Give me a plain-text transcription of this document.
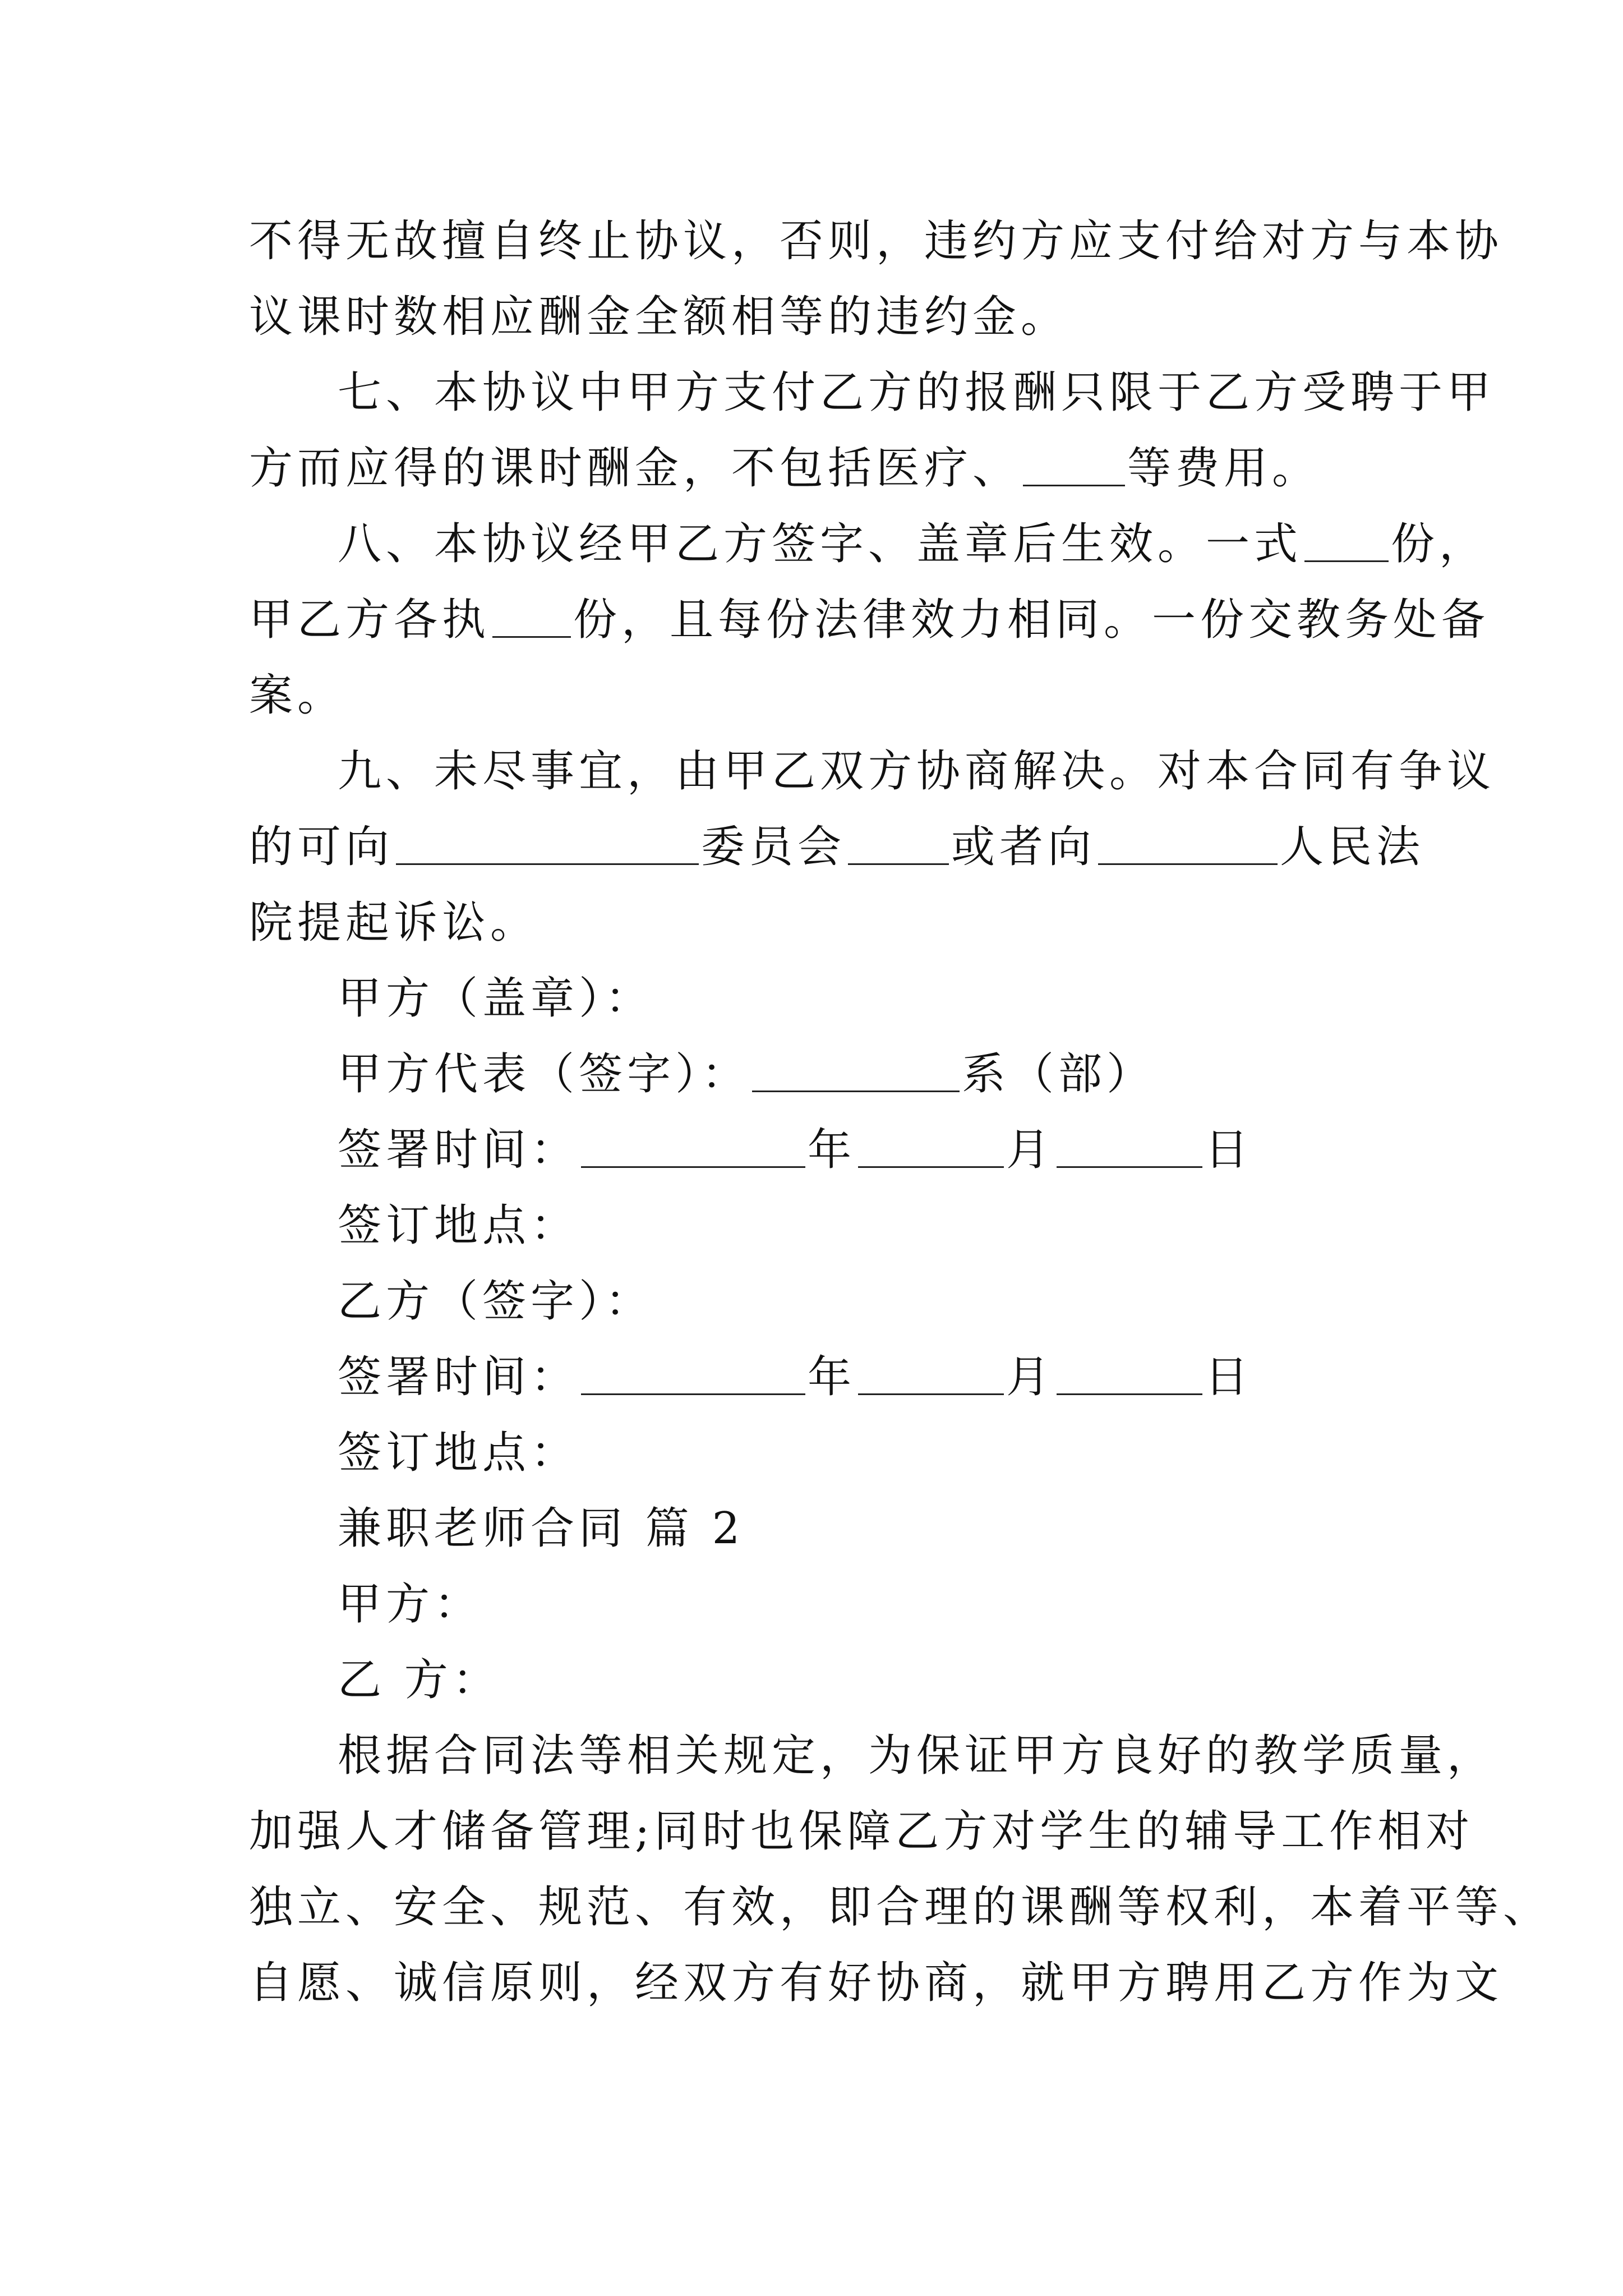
不得无故擅自终止协议，否则，违约方应支付给对方与本协
议课时数相应酬金全额相等的违约金。
七、本协议中甲方支付乙方的报酬只限于乙方受聘于甲
方而应得的课时酬金，不包括医疗、 等费用。
八、本协议经甲乙方签字、盖章后生效。一式 份，
甲乙方各执 份，且每份法律效力相同。一份交教务处备
案。
九、未尽事宜，由甲乙双方协商解决。对本合同有争议
的可向	委员会 或者向	人民法
院提起诉讼。
甲方（盖章）：
甲方代表（签字）：	系（部）
签署时间：	年	月	日
签订地点：
乙方（签字）：
签署时间：	年	月	日
签订地点：
兼职老师合同 篇 2
甲方：
乙 方：
根据合同法等相关规定，为保证甲方良好的教学质量，
加强人才储备管理;同时也保障乙方对学生的辅导工作相对
独立、安全、规范、有效，即合理的课酬等权利，本着平等、
自愿、诚信原则，经双方有好协商，就甲方聘用乙方作为文
